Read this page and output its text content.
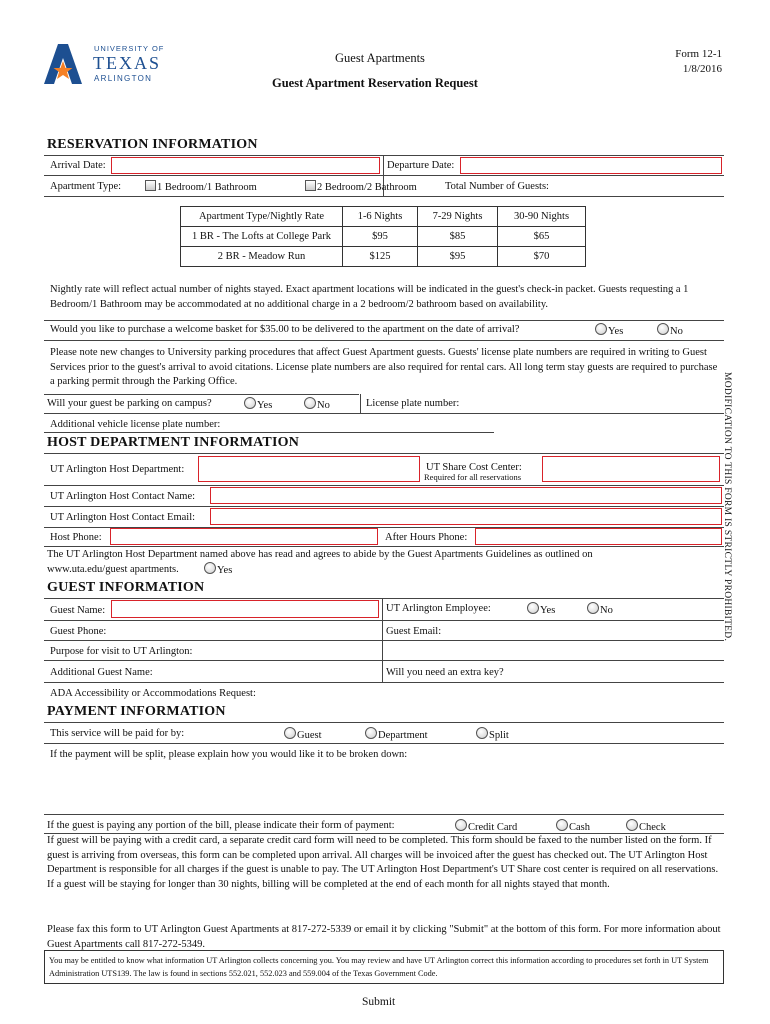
UNIVERSITY OF
TEXAS
ARLINGTON
Guest Apartments
Guest Apartment Reservation Request
Form 12-1
1/8/2016
RESERVATION INFORMATION
Arrival Date:	Departure Date:
Apartment Type:	1 Bedroom/1 Bathroom	2 Bedroom/2 Bathroom	Total Number of Guests:
Apartment Type/Nightly Rate	1-6 Nights	7-29 Nights	30-90 Nights
1 BR - The Lofts at College Park	$95	$85	$65
2 BR - Meadow Run	$125	$95	$70
Nightly rate will reflect actual number of nights stayed. Exact apartment locations will be indicated in the guest's check-in packet. Guests requesting a 1 Bedroom/1 Bathroom may be accommodated at no additional charge in a 2 bedroom/2 bathroom based on availability.
Would you like to purchase a welcome basket for $35.00 to be delivered to the apartment on the date of arrival?	Yes	No
Please note new changes to University parking procedures that affect Guest Apartment guests. Guests' license plate numbers are required in writing to Guest Services prior to the guest's arrival to avoid citations. License plate numbers are also required for rental cars. All long term stay guests are required to purchase a parking permit through the Parking Office.
Will your guest be parking on campus?	Yes	No	License plate number:
Additional vehicle license plate number:
HOST DEPARTMENT INFORMATION
UT Arlington Host Department:	UT Share Cost Center:
Required for all reservations
UT Arlington Host Contact Name:
UT Arlington Host Contact Email:
Host Phone:	After Hours Phone:
The UT Arlington Host Department named above has read and agrees to abide by the Guest Apartments Guidelines as outlined on
www.uta.edu/guest apartments.	Yes
GUEST INFORMATION
Guest Name:	UT Arlington Employee:	Yes	No
Guest Phone:	Guest Email:
Purpose for visit to UT Arlington:
Additional Guest Name:	Will you need an extra key?
ADA Accessibility or Accommodations Request:
PAYMENT INFORMATION
This service will be paid for by:	Guest	Department	Split
If the payment will be split, please explain how you would like it to be broken down:
If the guest is paying any portion of the bill, please indicate their form of payment:	Credit Card	Cash	Check
If guest will be paying with a credit card, a separate credit card form will need to be completed. This form should be faxed to the number listed on the form. If guest is arriving from overseas, this form can be completed upon arrival. All charges will be invoiced after the guest has checked out. The UT Arlington Host Department is responsible for all charges if the guest is unable to pay. The UT Arlington Host Department's UT Share cost center is required on all reservations. If a guest will be staying for longer than 30 nights, billing will be completed at the end of each month for all nights stayed that month.
Please fax this form to UT Arlington Guest Apartments at 817-272-5339 or email it by clicking "Submit" at the bottom of this form. For more information about Guest Apartments call 817-272-5349.
You may be entitled to know what information UT Arlington collects concerning you. You may review and have UT Arlington correct this information according to procedures set forth in UT System Administration UTS139. The law is found in sections 552.021, 552.023 and 559.004 of the Texas Government Code.
Submit
MODIFICATION TO THIS FORM IS STRICTLY PROHIBITED.
